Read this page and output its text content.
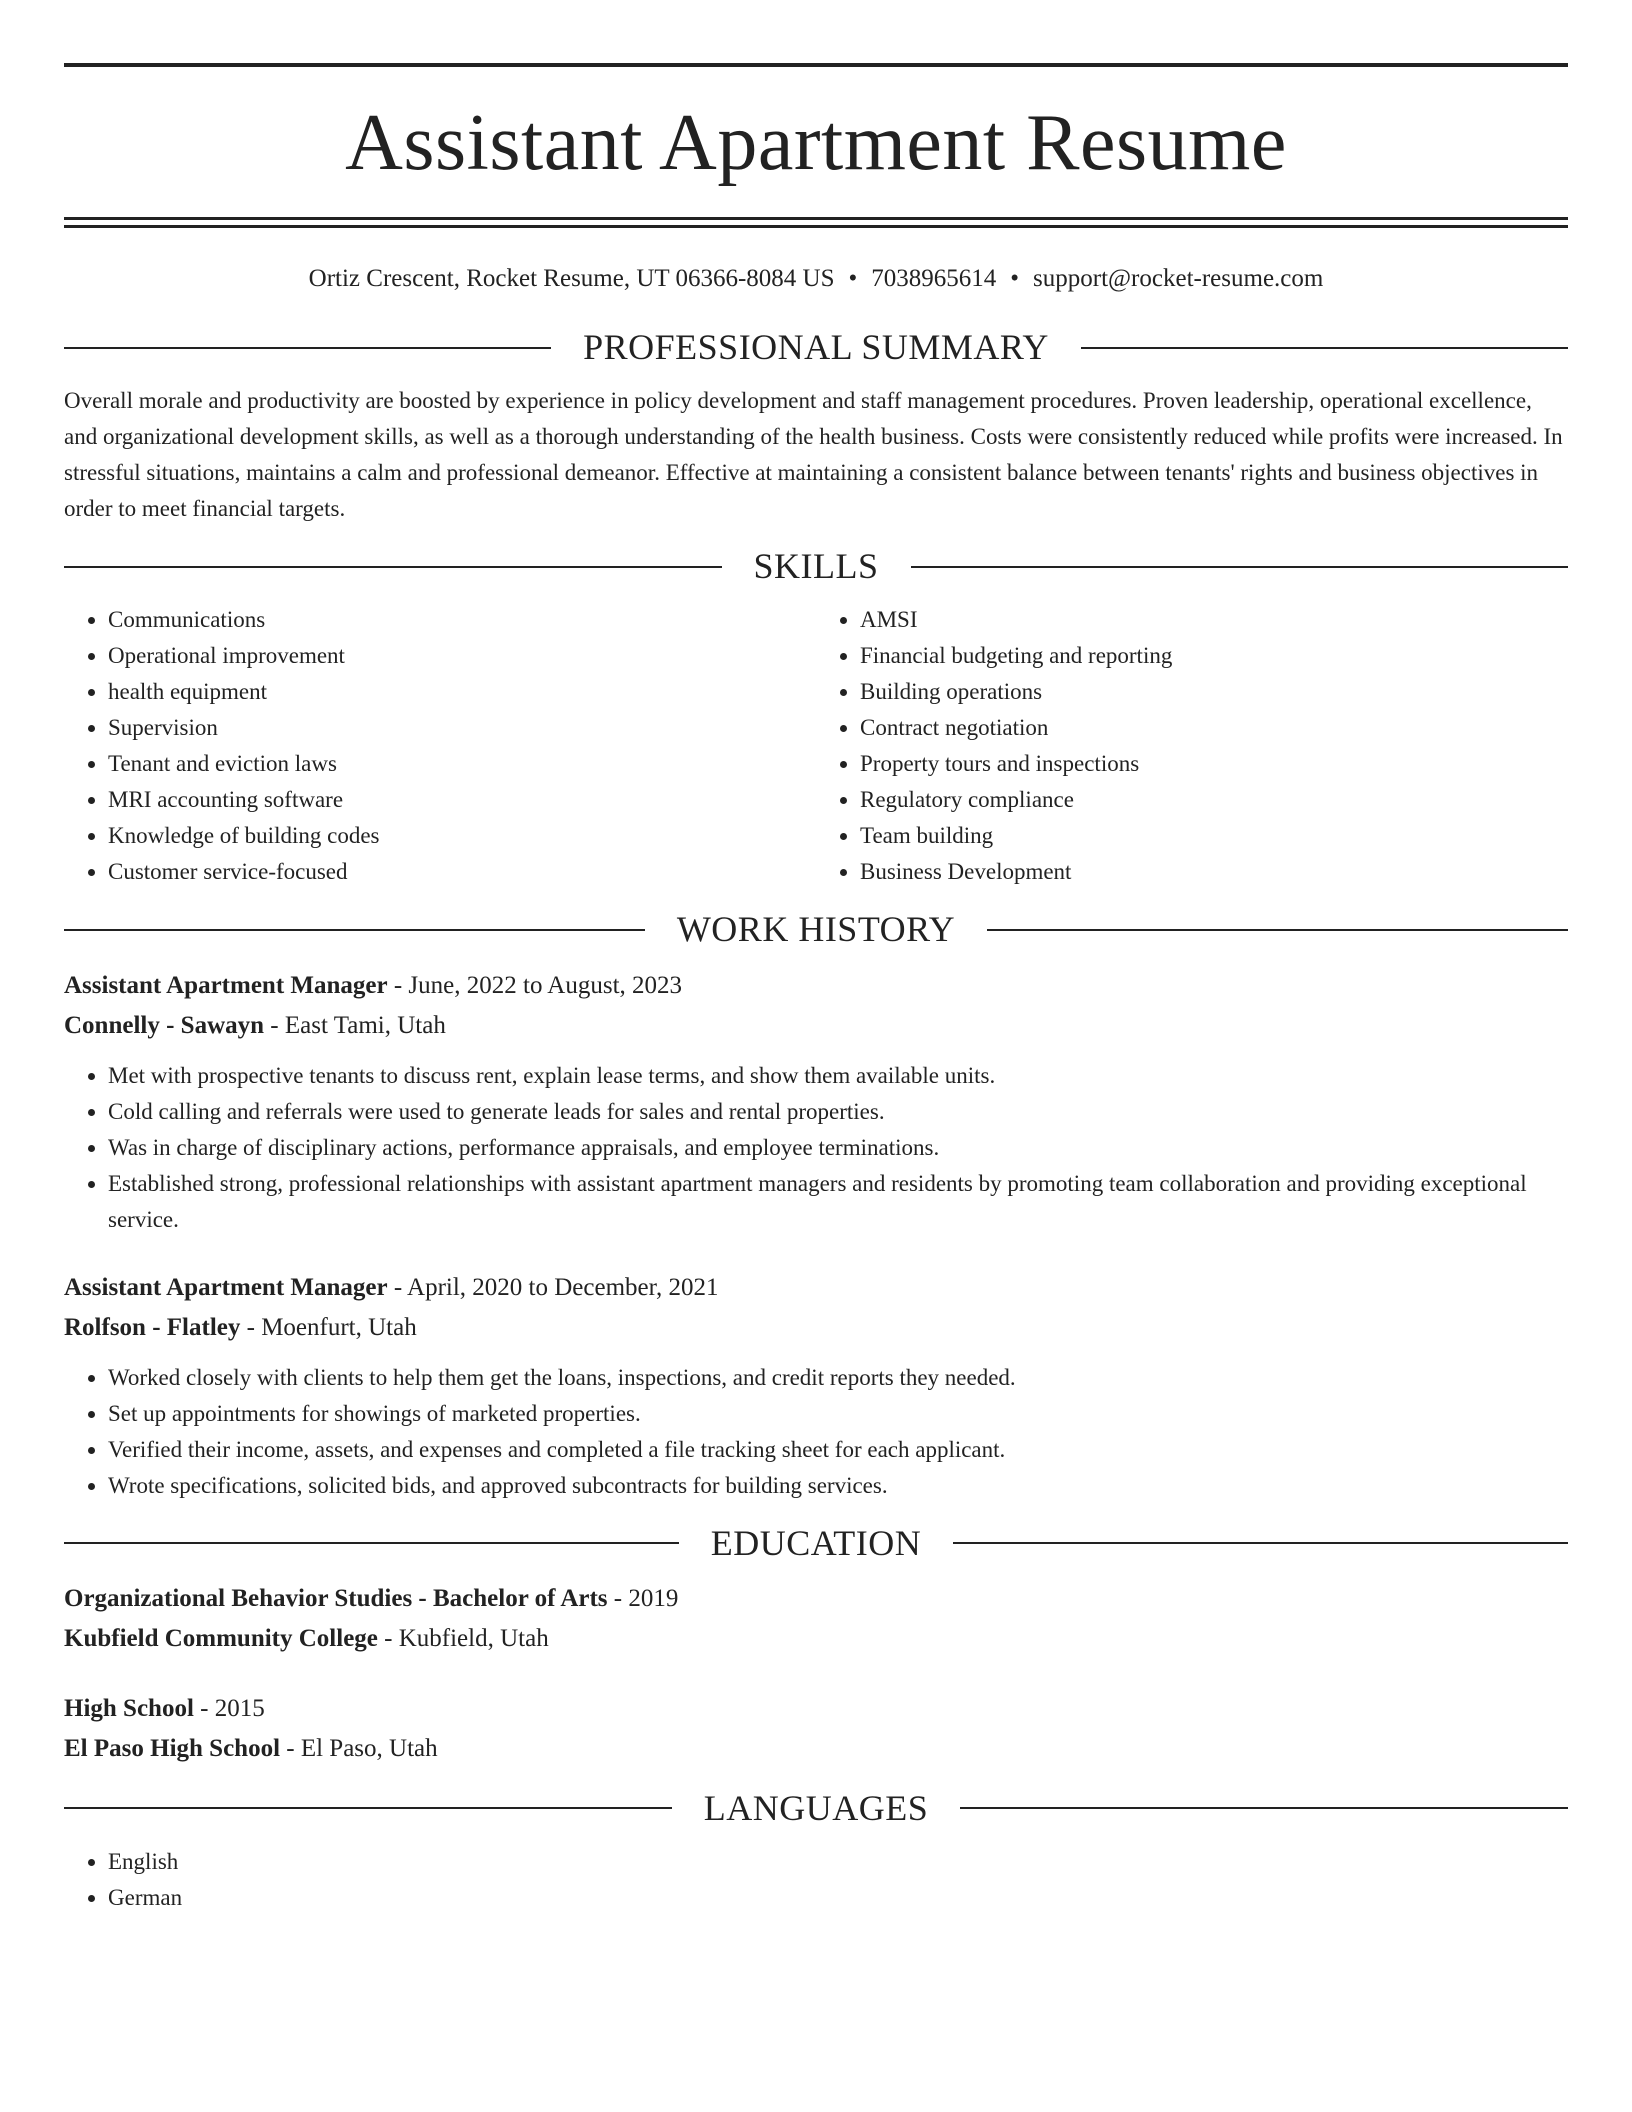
Assistant Apartment Resume
Ortiz Crescent, Rocket Resume, UT 06366-8084 US • 7038965614 • support@rocket-resume.com
PROFESSIONAL SUMMARY

Overall morale and productivity are boosted by experience in policy development and staff management procedures. Proven leadership, operational excellence, and organizational development skills, as well as a thorough understanding of the health business. Costs were consistently reduced while profits were increased. In stressful situations, maintains a calm and professional demeanor. Effective at maintaining a consistent balance between tenants' rights and business objectives in order to meet financial targets.

SKILLS
• Communications
• Operational improvement
• health equipment
• Supervision
• Tenant and eviction laws
• MRI accounting software
• Knowledge of building codes
• Customer service-focused
• AMSI
• Financial budgeting and reporting
• Building operations
• Contract negotiation
• Property tours and inspections
• Regulatory compliance
• Team building
• Business Development
WORK HISTORY
Assistant Apartment Manager - June, 2022 to August, 2023
Connelly - Sawayn - East Tami, Utah
• Met with prospective tenants to discuss rent, explain lease terms, and show them available units.
• Cold calling and referrals were used to generate leads for sales and rental properties.
• Was in charge of disciplinary actions, performance appraisals, and employee terminations.
• Established strong, professional relationships with assistant apartment managers and residents by promoting team collaboration and providing exceptional service.
Assistant Apartment Manager - April, 2020 to December, 2021
Rolfson - Flatley - Moenfurt, Utah
• Worked closely with clients to help them get the loans, inspections, and credit reports they needed.
• Set up appointments for showings of marketed properties.
• Verified their income, assets, and expenses and completed a file tracking sheet for each applicant.
• Wrote specifications, solicited bids, and approved subcontracts for building services.
EDUCATION
Organizational Behavior Studies - Bachelor of Arts - 2019
Kubfield Community College - Kubfield, Utah
High School - 2015
El Paso High School - El Paso, Utah
LANGUAGES
• English
• German
